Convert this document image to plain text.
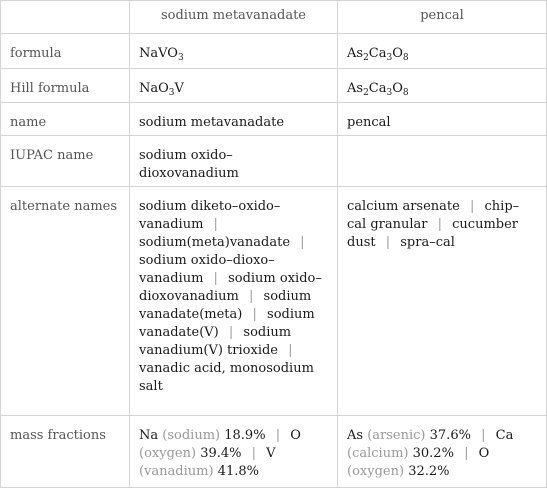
	sodium metavanadate	pencal
formula	NaVO$_3$	$As_2Ca_3O_8$
Hill formula	NaO$_3$V	$As_2Ca_3O_8$
name	sodium metavanadate	pencal
IUPAC name	sodium oxido–dioxovanadium	
alternate names	sodium diketo–oxido–vanadium | sodium(meta)vanadate | sodium oxido–dioxo–vanadium | sodium oxido–dioxovanadium | sodium vanadate(meta) | sodium vanadate(V) | sodium vanadium(V) trioxide | vanadic acid, monosodium salt	calcium arsenate | chip–cal granular | cucumber dust | spra–cal
mass fractions	Na (sodium) 18.9% | O (oxygen) 39.4% | V (vanadium) 41.8%	As (arsenic) 37.6% | Ca (calcium) 30.2% | O (oxygen) 32.2%
